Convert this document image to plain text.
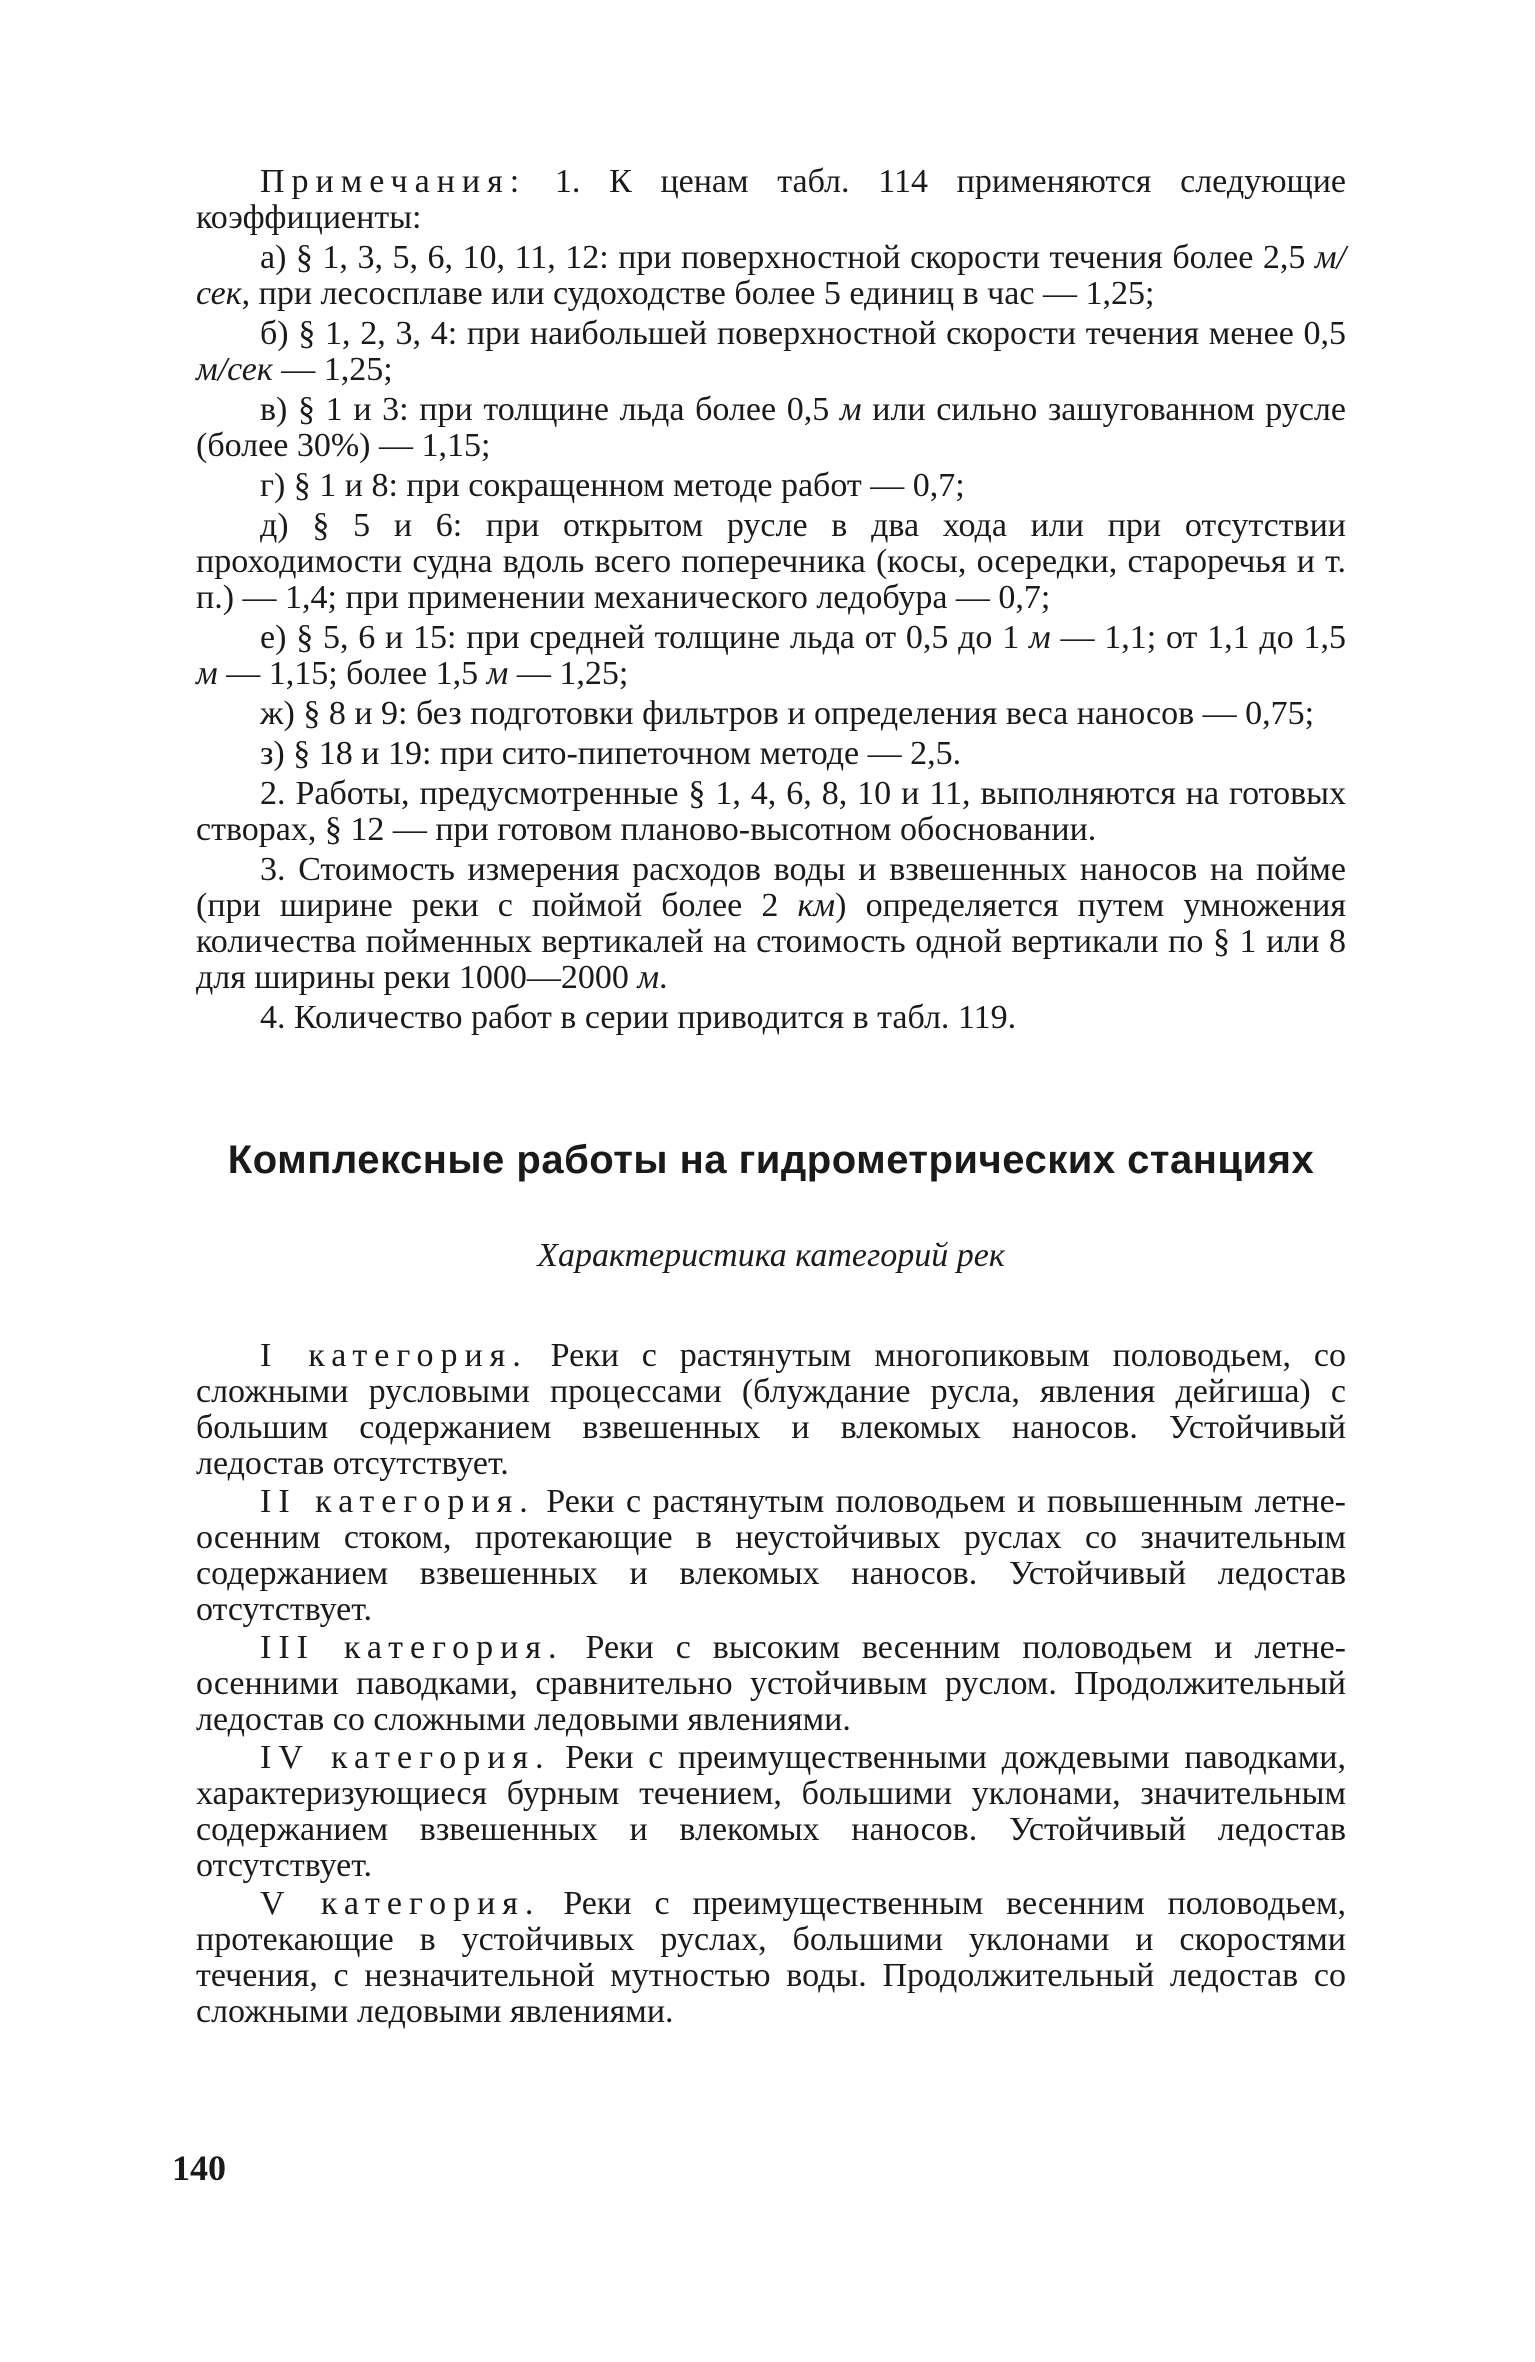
Примечания: 1. К ценам табл. 114 применяются следующие коэффициенты:

а) § 1, 3, 5, 6, 10, 11, 12: при поверхностной скорости течения более 2,5 м/сек, при лесосплаве или судоходстве более 5 единиц в час — 1,25;

б) § 1, 2, 3, 4: при наибольшей поверхностной скорости течения менее 0,5 м/сек — 1,25;

в) § 1 и 3: при толщине льда более 0,5 м или сильно зашугованном русле (более 30%) — 1,15;

г) § 1 и 8: при сокращенном методе работ — 0,7;

д) § 5 и 6: при открытом русле в два хода или при отсутствии проходимости судна вдоль всего поперечника (косы, осередки, староречья и т. п.) — 1,4; при применении механического ледобура — 0,7;

е) § 5, 6 и 15: при средней толщине льда от 0,5 до 1 м — 1,1; от 1,1 до 1,5 м — 1,15; более 1,5 м — 1,25;

ж) § 8 и 9: без подготовки фильтров и определения веса наносов — 0,75;

з) § 18 и 19: при сито-пипеточном методе — 2,5.

2. Работы, предусмотренные § 1, 4, 6, 8, 10 и 11, выполняются на готовых створах, § 12 — при готовом планово-высотном обосновании.

3. Стоимость измерения расходов воды и взвешенных наносов на пойме (при ширине реки с поймой более 2 км) определяется путем умножения количества пойменных вертикалей на стоимость одной вертикали по § 1 или 8 для ширины реки 1000—2000 м.

4. Количество работ в серии приводится в табл. 119.

Комплексные работы на гидрометрических станциях
Характеристика категорий рек

I категория. Реки с растянутым многопиковым половодьем, со сложными русловыми процессами (блуждание русла, явления дейгиша) с большим содержанием взвешенных и влекомых наносов. Устойчивый ледостав отсутствует.

II категория. Реки с растянутым половодьем и повышенным летне-осенним стоком, протекающие в неустойчивых руслах со значительным содержанием взвешенных и влекомых наносов. Устойчивый ледостав отсутствует.

III категория. Реки с высоким весенним половодьем и летне-осенними паводками, сравнительно устойчивым руслом. Продолжительный ледостав со сложными ледовыми явлениями.

IV категория. Реки с преимущественными дождевыми паводками, характеризующиеся бурным течением, большими уклонами, значительным содержанием взвешенных и влекомых наносов. Устойчивый ледостав отсутствует.

V категория. Реки с преимущественным весенним половодьем, протекающие в устойчивых руслах, большими уклонами и скоростями течения, с незначительной мутностью воды. Продолжительный ледостав со сложными ледовыми явлениями.

140
